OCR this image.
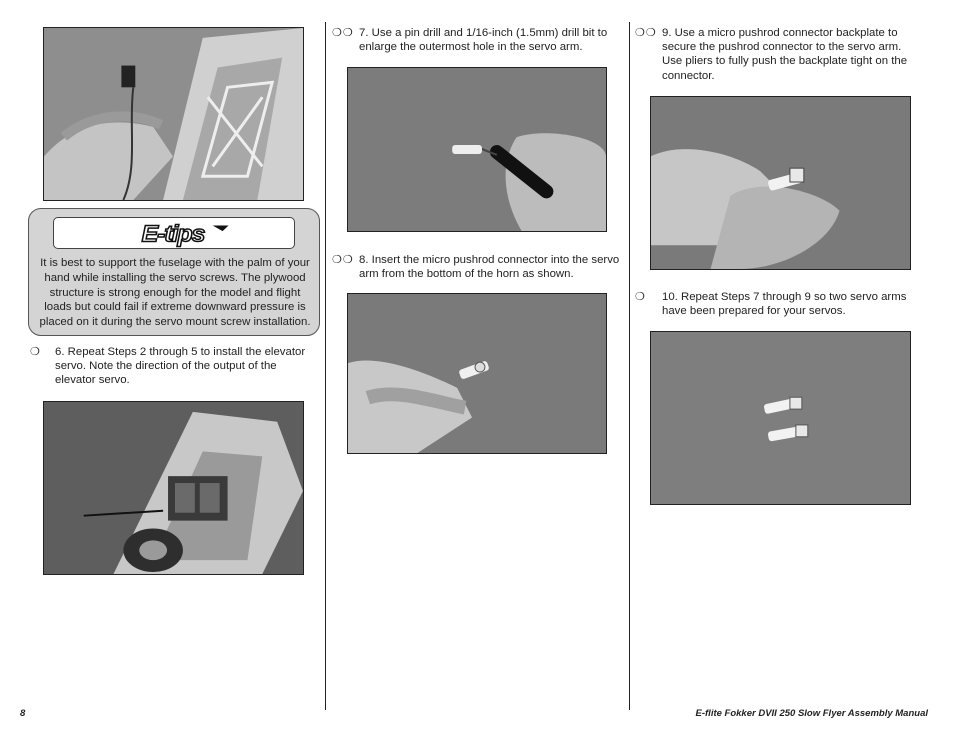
E-tips
It is best to support the fuselage with the palm of your hand while installing the servo screws. The plywood structure is strong enough for the model and flight loads but could fail if extreme downward pressure is placed on it during the servo mount screw installation.
❍ 6. Repeat Steps 2 through 5 to install the elevator servo. Note the direction of the output of the elevator servo.
❍❍ 7. Use a pin drill and 1/16-inch (1.5mm) drill bit to enlarge the outermost hole in the servo arm.
❍❍ 8. Insert the micro pushrod connector into the servo arm from the bottom of the horn as shown.
❍❍ 9. Use a micro pushrod connector backplate to secure the pushrod connector to the servo arm. Use pliers to fully push the backplate tight on the connector.
❍ 10. Repeat Steps 7 through 9 so two servo arms have been prepared for your servos.
8	E-flite Fokker DVII 250 Slow Flyer Assembly Manual
